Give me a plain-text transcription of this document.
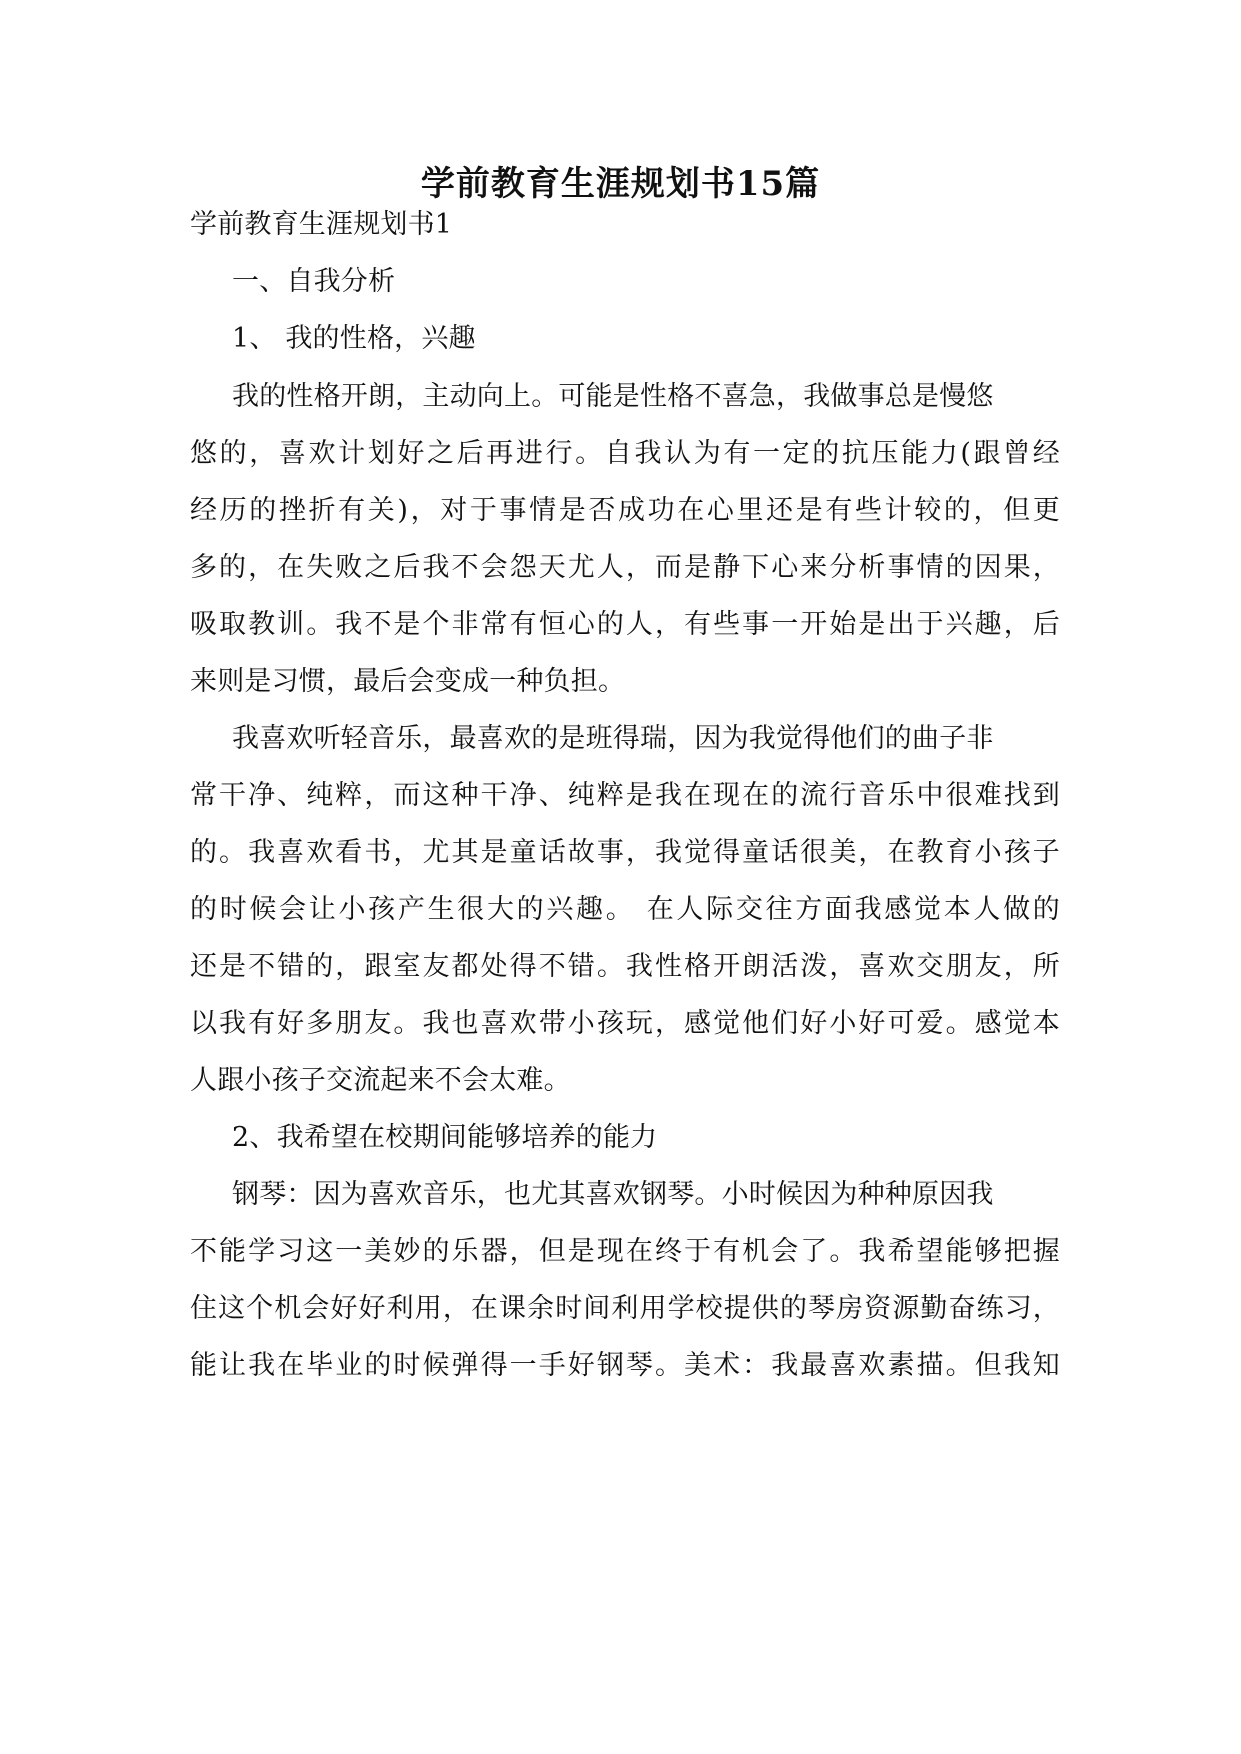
学前教育生涯规划书15篇
学前教育生涯规划书1
一、自我分析
1、 我的性格，兴趣
我的性格开朗，主动向上。可能是性格不喜急，我做事总是慢悠
悠的，喜欢计划好之后再进行。自我认为有一定的抗压能力(跟曾经
经历的挫折有关)，对于事情是否成功在心里还是有些计较的，但更
多的，在失败之后我不会怨天尤人，而是静下心来分析事情的因果，
吸取教训。我不是个非常有恒心的人，有些事一开始是出于兴趣，后
来则是习惯，最后会变成一种负担。
我喜欢听轻音乐，最喜欢的是班得瑞，因为我觉得他们的曲子非
常干净、纯粹，而这种干净、纯粹是我在现在的流行音乐中很难找到
的。我喜欢看书，尤其是童话故事，我觉得童话很美，在教育小孩子
的时候会让小孩产生很大的兴趣。 在人际交往方面我感觉本人做的
还是不错的，跟室友都处得不错。我性格开朗活泼，喜欢交朋友，所
以我有好多朋友。我也喜欢带小孩玩，感觉他们好小好可爱。感觉本
人跟小孩子交流起来不会太难。
2、我希望在校期间能够培养的能力
钢琴：因为喜欢音乐，也尤其喜欢钢琴。小时候因为种种原因我
不能学习这一美妙的乐器，但是现在终于有机会了。我希望能够把握
住这个机会好好利用，在课余时间利用学校提供的琴房资源勤奋练习，
能让我在毕业的时候弹得一手好钢琴。美术：我最喜欢素描。但我知
